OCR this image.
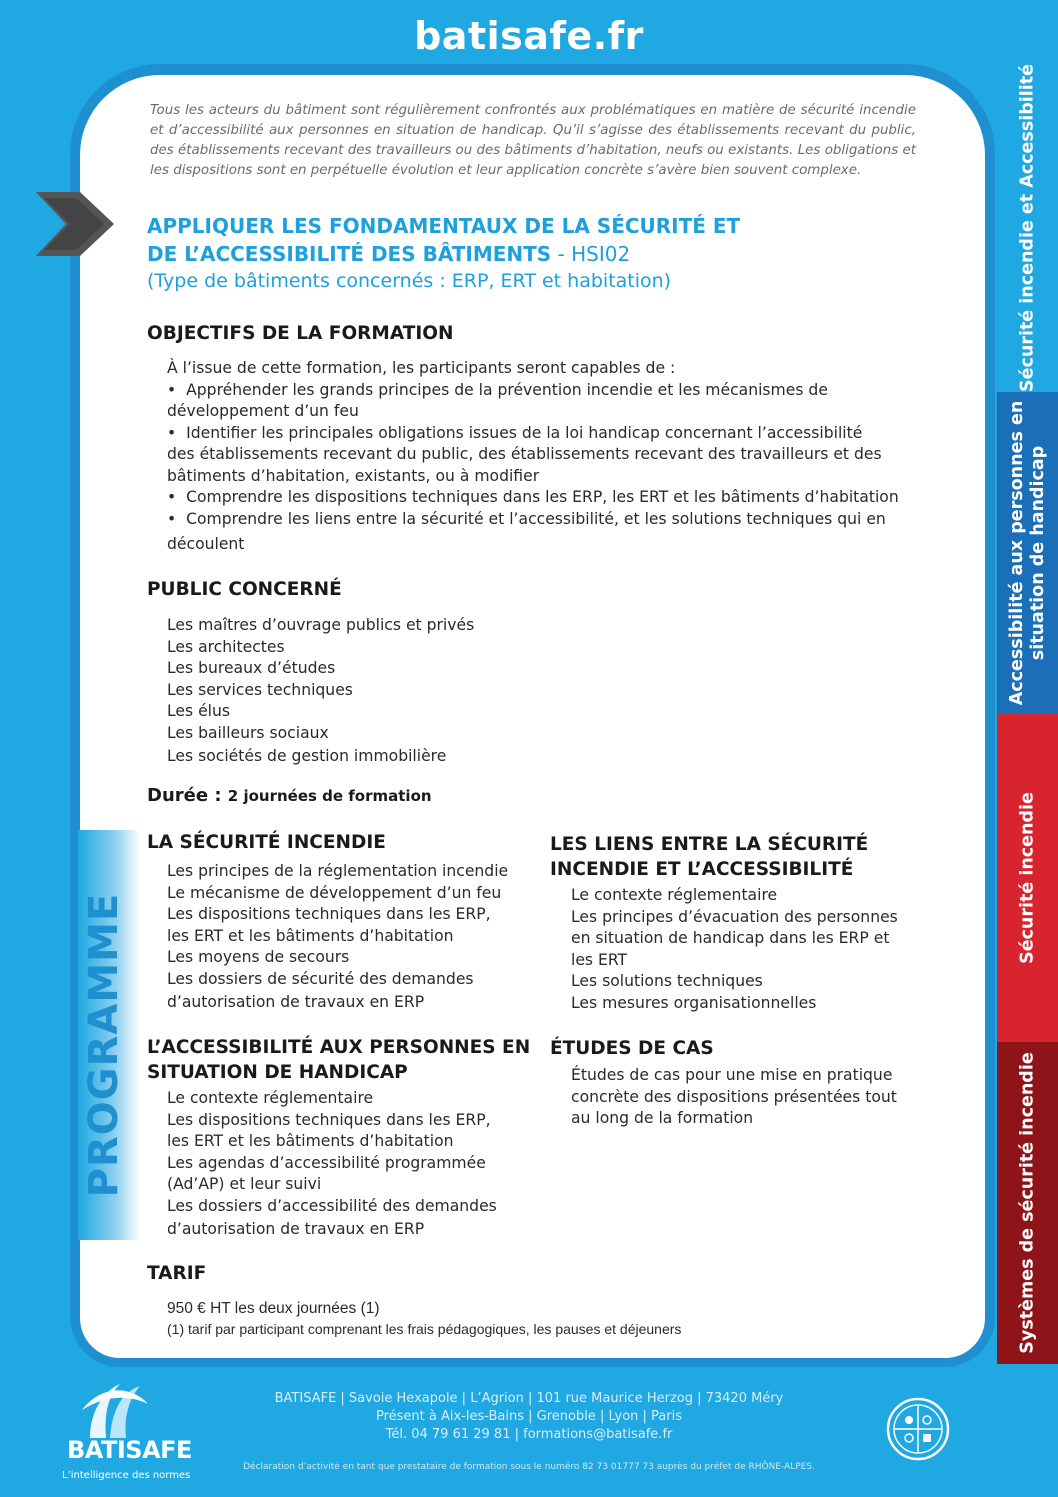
batisafe.fr
Sécurité incendie et Accessibilité
Accessibilité aux personnes en
situation de handicap
Sécurité incendie
Systèmes de sécurité incendie
Tous les acteurs du bâtiment sont régulièrement confrontés aux problématiques en matière de sécurité incendie et d’accessibilité aux personnes en situation de handicap. Qu’il s’agisse des établissements recevant du public, des établissements recevant des travailleurs ou des bâtiments d’habitation, neufs ou existants. Les obligations et les dispositions sont en perpétuelle évolution et leur application concrète s’avère bien souvent complexe.
APPLIQUER LES FONDAMENTAUX DE LA SÉCURITÉ ET
DE L’ACCESSIBILITÉ DES BÂTIMENTS - HSI02
(Type de bâtiments concernés : ERP, ERT et habitation)
OBJECTIFS DE LA FORMATION
À l’issue de cette formation, les participants seront capables de :
•  Appréhender les grands principes de la prévention incendie et les mécanismes de
développement d’un feu
•  Identifier les principales obligations issues de la loi handicap concernant l’accessibilité
des établissements recevant du public, des établissements recevant des travailleurs et des
bâtiments d’habitation, existants, ou à modifier
•  Comprendre les dispositions techniques dans les ERP, les ERT et les bâtiments d’habitation
•  Comprendre les liens entre la sécurité et l’accessibilité, et les solutions techniques qui en
découlent
PUBLIC CONCERNÉ
Les maîtres d’ouvrage publics et privés
Les architectes
Les bureaux d’études
Les services techniques
Les élus
Les bailleurs sociaux
Les sociétés de gestion immobilière
Durée : 2 journées de formation
PROGRAMME
LA SÉCURITÉ INCENDIE
Les principes de la réglementation incendie
Le mécanisme de développement d’un feu
Les dispositions techniques dans les ERP,
les ERT et les bâtiments d’habitation
Les moyens de secours
Les dossiers de sécurité des demandes
d’autorisation de travaux en ERP
L’ACCESSIBILITÉ AUX PERSONNES EN
SITUATION DE HANDICAP
Le contexte réglementaire
Les dispositions techniques dans les ERP,
les ERT et les bâtiments d’habitation
Les agendas d’accessibilité programmée
(Ad’AP) et leur suivi
Les dossiers d’accessibilité des demandes
d’autorisation de travaux en ERP
LES LIENS ENTRE LA SÉCURITÉ
INCENDIE ET L’ACCESSIBILITÉ
Le contexte réglementaire
Les principes d’évacuation des personnes
en situation de handicap dans les ERP et
les ERT
Les solutions techniques
Les mesures organisationnelles
ÉTUDES DE CAS
Études de cas pour une mise en pratique
concrète des dispositions présentées tout
au long de la formation
TARIF
950 € HT les deux journées (1)
(1) tarif par participant comprenant les frais pédagogiques, les pauses et déjeuners
BATISAFE | Savoie Hexapole | L’Agrion | 101 rue Maurice Herzog | 73420 Méry
Présent à Aix-les-Bains | Grenoble | Lyon | Paris
Tél. 04 79 61 29 81 | formations@batisafe.fr
Déclaration d’activité en tant que prestataire de formation sous le numéro 82 73 01777 73 auprès du préfet de RHÔNE-ALPES.
BATISAFE
L’intelligence des normes
